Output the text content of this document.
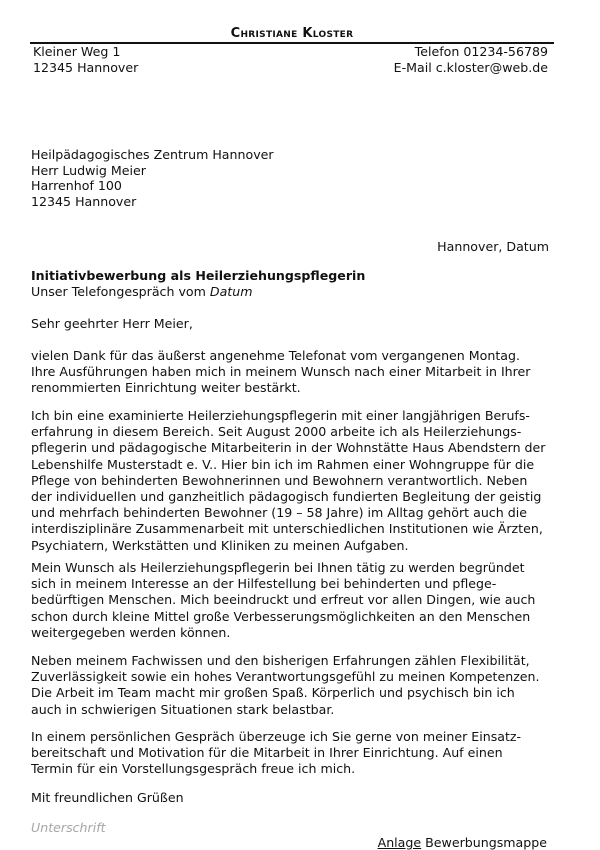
Christiane Kloster
Kleiner Weg 1
12345 Hannover
Telefon 01234-56789
E-Mail c.kloster@web.de
Heilpädagogisches Zentrum Hannover
Herr Ludwig Meier
Harrenhof 100
12345 Hannover
Hannover, Datum
Initiativbewerbung als Heilerziehungspflegerin
Unser Telefongespräch vom Datum
Sehr geehrter Herr Meier,
vielen Dank für das äußerst angenehme Telefonat vom vergangenen Montag.
Ihre Ausführungen haben mich in meinem Wunsch nach einer Mitarbeit in Ihrer
renommierten Einrichtung weiter bestärkt.
Ich bin eine examinierte Heilerziehungspflegerin mit einer langjährigen Berufs-
erfahrung in diesem Bereich. Seit August 2000 arbeite ich als Heilerziehungs-
pflegerin und pädagogische Mitarbeiterin in der Wohnstätte Haus Abendstern der
Lebenshilfe Musterstadt e. V.. Hier bin ich im Rahmen einer Wohngruppe für die
Pflege von behinderten Bewohnerinnen und Bewohnern verantwortlich. Neben
der individuellen und ganzheitlich pädagogisch fundierten Begleitung der geistig
und mehrfach behinderten Bewohner (19 – 58 Jahre) im Alltag gehört auch die
interdisziplinäre Zusammenarbeit mit unterschiedlichen Institutionen wie Ärzten,
Psychiatern, Werkstätten und Kliniken zu meinen Aufgaben.
Mein Wunsch als Heilerziehungspflegerin bei Ihnen tätig zu werden begründet
sich in meinem Interesse an der Hilfestellung bei behinderten und pflege-
bedürftigen Menschen. Mich beeindruckt und erfreut vor allen Dingen, wie auch
schon durch kleine Mittel große Verbesserungsmöglichkeiten an den Menschen
weitergegeben werden können.
Neben meinem Fachwissen und den bisherigen Erfahrungen zählen Flexibilität,
Zuverlässigkeit sowie ein hohes Verantwortungsgefühl zu meinen Kompetenzen.
Die Arbeit im Team macht mir großen Spaß. Körperlich und psychisch bin ich
auch in schwierigen Situationen stark belastbar.
In einem persönlichen Gespräch überzeuge ich Sie gerne von meiner Einsatz-
bereitschaft und Motivation für die Mitarbeit in Ihrer Einrichtung. Auf einen
Termin für ein Vorstellungsgespräch freue ich mich.
Mit freundlichen Grüßen
Unterschrift
Anlage Bewerbungsmappe
